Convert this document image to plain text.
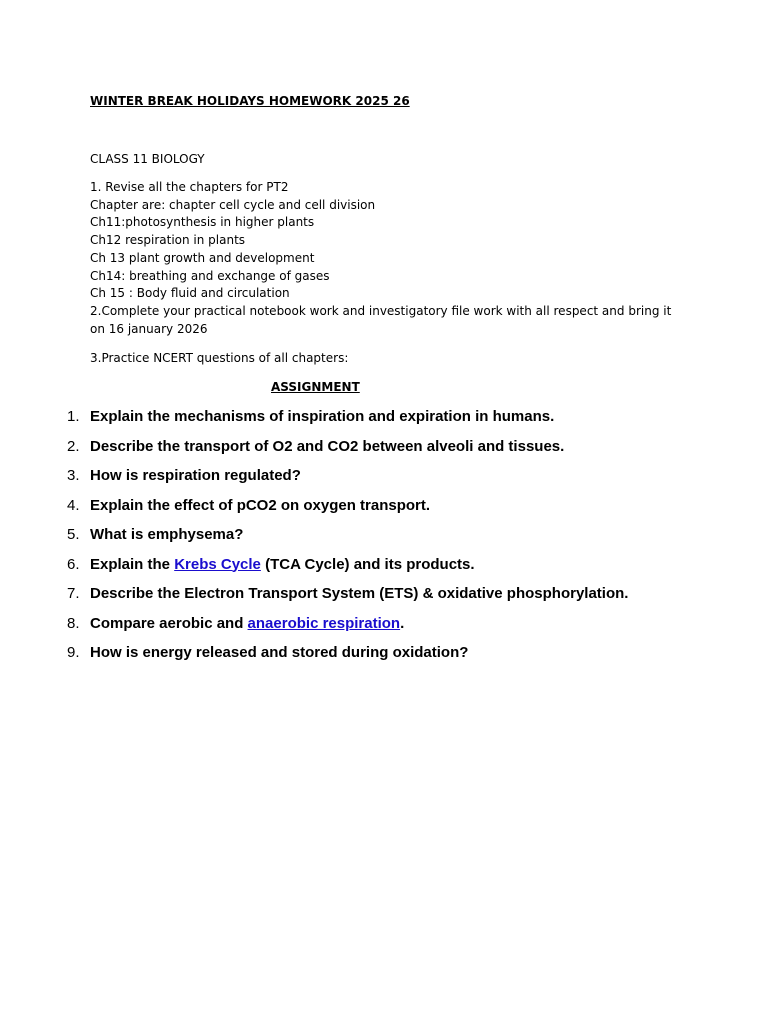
WINTER BREAK HOLIDAYS HOMEWORK 2025 26
CLASS 11 BIOLOGY
1. Revise all the chapters for PT2
Chapter are: chapter cell cycle and cell division
Ch11:photosynthesis in higher plants
Ch12 respiration in plants
Ch 13 plant growth and development
Ch14: breathing and exchange of gases
Ch 15 : Body fluid and circulation
2.Complete your practical notebook work and investigatory file work with all respect and bring it on 16 january 2026
3.Practice NCERT questions of all chapters:
ASSIGNMENT
1. Explain the mechanisms of inspiration and expiration in humans.
2. Describe the transport of O2 and CO2 between alveoli and tissues.
3. How is respiration regulated?
4. Explain the effect of pCO2 on oxygen transport.
5. What is emphysema?
6. Explain the Krebs Cycle (TCA Cycle) and its products.
7. Describe the Electron Transport System (ETS) & oxidative phosphorylation.
8. Compare aerobic and anaerobic respiration.
9. How is energy released and stored during oxidation?
